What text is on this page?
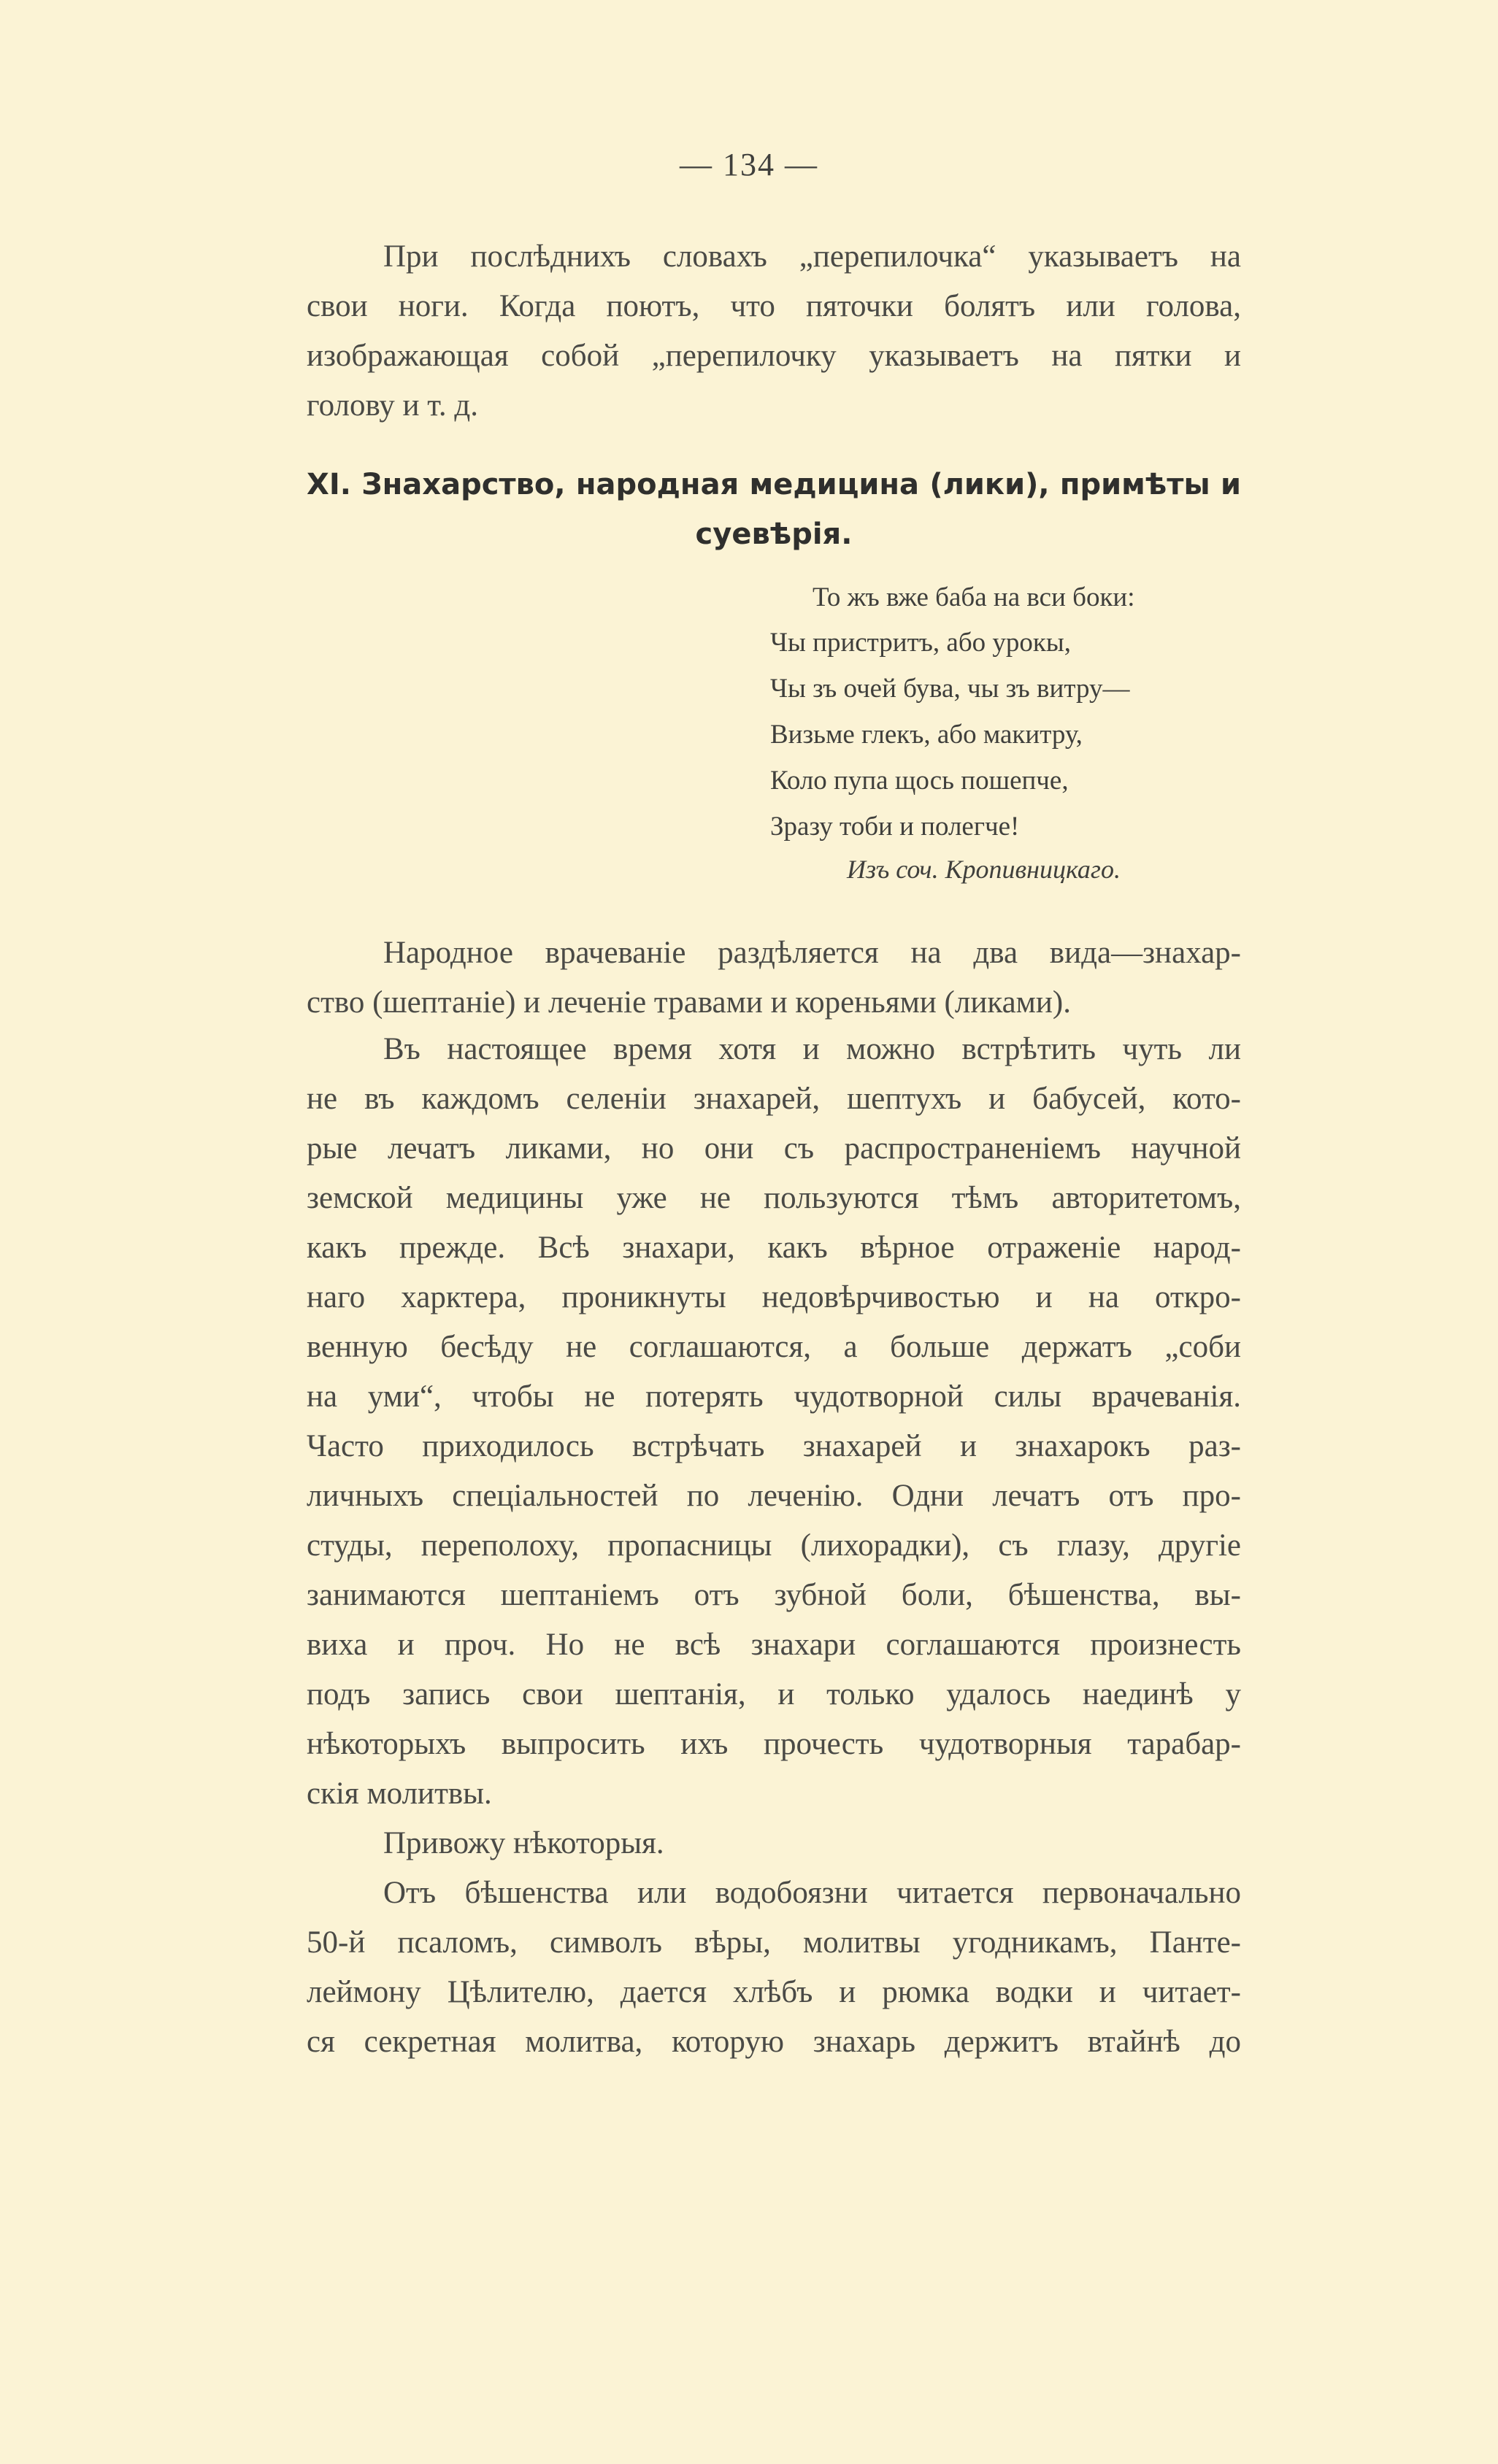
— 134 —
При послѣднихъ словахъ „перепилочка“ указываетъ на
свои ноги. Когда поютъ, что пяточки болятъ или голова,
изображающая собой „перепилочку указываетъ на пятки и
голову и т. д.
XI. Знахарство, народная медицина (лики), примѣты и
суевѣрія.
То жъ вже баба на вси боки:
Чы пристритъ, або урокы,
Чы зъ очей бува, чы зъ витру—
Визьме глекъ, або макитру,
Коло пупа щось пошепче,
Зразу тоби и полегче!
Изъ соч. Кропивницкаго.
Народное врачеванiе раздѣляется на два вида—знахар-
ство (шептанiе) и леченiе травами и кореньями (ликами).
Въ настоящее время хотя и можно встрѣтить чуть ли
не въ каждомъ селенiи знахарей, шептухъ и бабусей, кото-
рые лечатъ ликами, но они съ распространенiемъ научной
земской медицины уже не пользуются тѣмъ авторитетомъ,
какъ прежде. Всѣ знахари, какъ вѣрное отраженiе народ-
наго харктера, проникнуты недовѣрчивостью и на откро-
венную бесѣду не соглашаются, а больше держатъ „соби
на уми“, чтобы не потерять чудотворной силы врачеванiя.
Часто приходилось встрѣчать знахарей и знахарокъ раз-
личныхъ спецiальностей по леченiю. Одни лечатъ отъ про-
студы, переполоху, пропасницы (лихорадки), съ глазу, другiе
занимаются шептанiемъ отъ зубной боли, бѣшенства, вы-
виха и проч. Но не всѣ знахари соглашаются произнесть
подъ запись свои шептанiя, и только удалось наединѣ у
нѣкоторыхъ выпросить ихъ прочесть чудотворныя тарабар-
скiя молитвы.
Привожу нѣкоторыя.
Отъ бѣшенства или водобоязни читается первоначально
50-й псаломъ, символъ вѣры, молитвы угодникамъ, Панте-
леймону Цѣлителю, дается хлѣбъ и рюмка водки и читает-
ся секретная молитва, которую знахарь держитъ втайнѣ до
